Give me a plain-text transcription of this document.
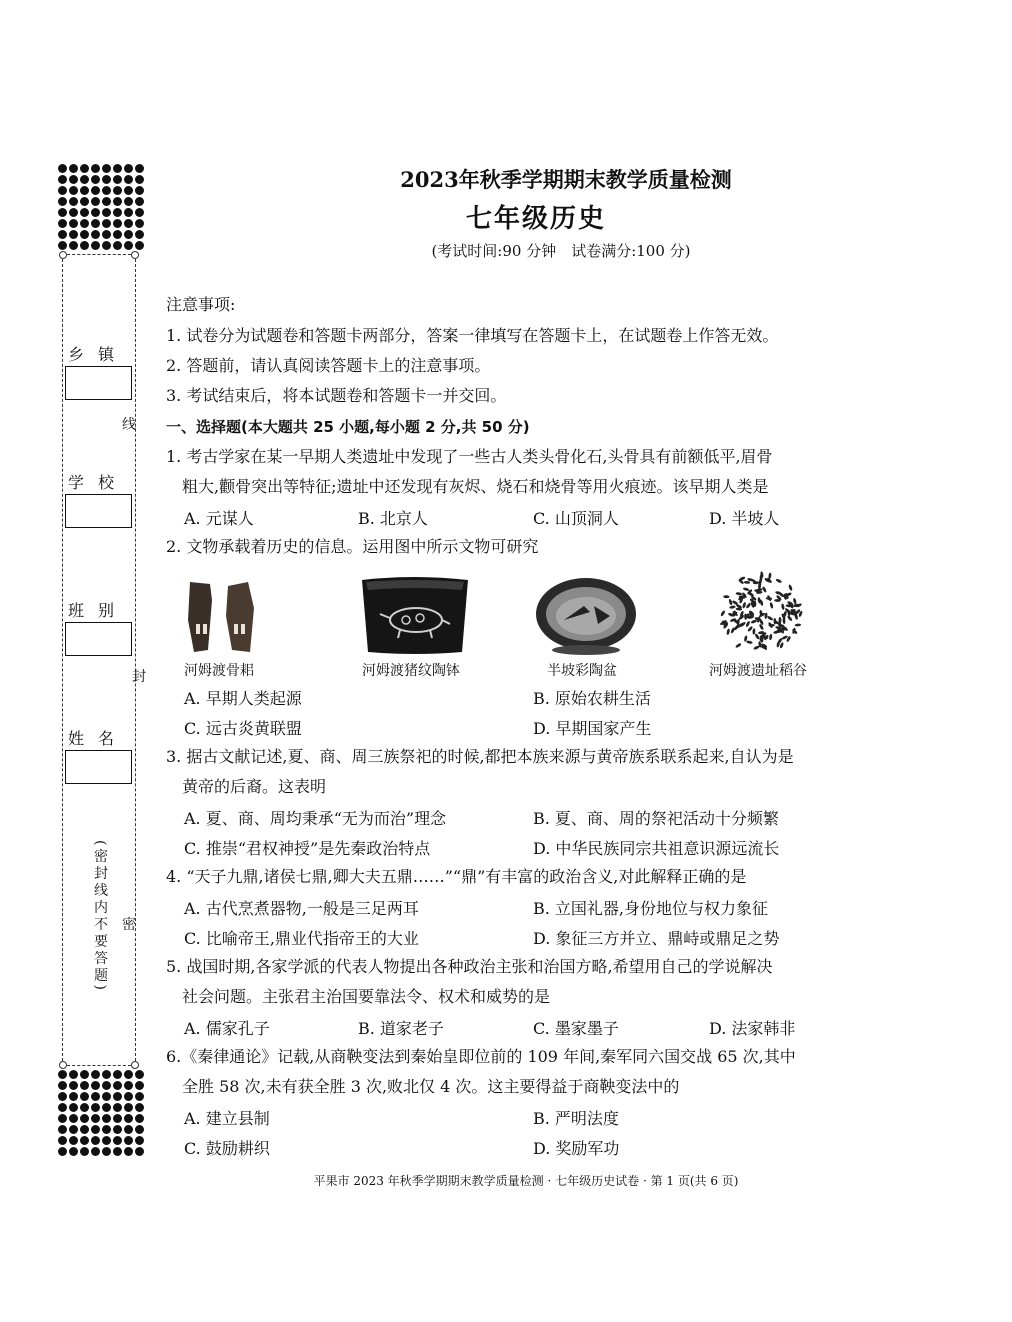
乡镇
学校
班别
姓名
线
封
密
(密封线内不要答题)
2023年秋季学期期末教学质量检测
七年级历史
(考试时间:90 分钟　试卷满分:100 分)
注意事项:
1. 试卷分为试题卷和答题卡两部分，答案一律填写在答题卡上，在试题卷上作答无效。
2. 答题前，请认真阅读答题卡上的注意事项。
3. 考试结束后，将本试题卷和答题卡一并交回。
一、选择题(本大题共 25 小题,每小题 2 分,共 50 分)
1. 考古学家在某一早期人类遗址中发现了一些古人类头骨化石,头骨具有前额低平,眉骨
粗大,颧骨突出等特征;遗址中还发现有灰烬、烧石和烧骨等用火痕迹。该早期人类是
A. 元谋人	B. 北京人	C. 山顶洞人	D. 半坡人
2. 文物承载着历史的信息。运用图中所示文物可研究
河姆渡骨耜	河姆渡猪纹陶钵	半坡彩陶盆	河姆渡遗址稻谷
A. 早期人类起源	B. 原始农耕生活
C. 远古炎黄联盟	D. 早期国家产生
3. 据古文献记述,夏、商、周三族祭祀的时候,都把本族来源与黄帝族系联系起来,自认为是
黄帝的后裔。这表明
A. 夏、商、周均秉承“无为而治”理念	B. 夏、商、周的祭祀活动十分频繁
C. 推崇“君权神授”是先秦政治特点	D. 中华民族同宗共祖意识源远流长
4. “天子九鼎,诸侯七鼎,卿大夫五鼎……”“鼎”有丰富的政治含义,对此解释正确的是
A. 古代烹煮器物,一般是三足两耳	B. 立国礼器,身份地位与权力象征
C. 比喻帝王,鼎业代指帝王的大业	D. 象征三方并立、鼎峙或鼎足之势
5. 战国时期,各家学派的代表人物提出各种政治主张和治国方略,希望用自己的学说解决
社会问题。主张君主治国要靠法令、权术和威势的是
A. 儒家孔子	B. 道家老子	C. 墨家墨子	D. 法家韩非
6.《秦律通论》记载,从商鞅变法到秦始皇即位前的 109 年间,秦军同六国交战 65 次,其中
全胜 58 次,未有获全胜 3 次,败北仅 4 次。这主要得益于商鞅变法中的
A. 建立县制	B. 严明法度
C. 鼓励耕织	D. 奖励军功
平果市 2023 年秋季学期期末教学质量检测 · 七年级历史试卷 · 第 1 页(共 6 页)
